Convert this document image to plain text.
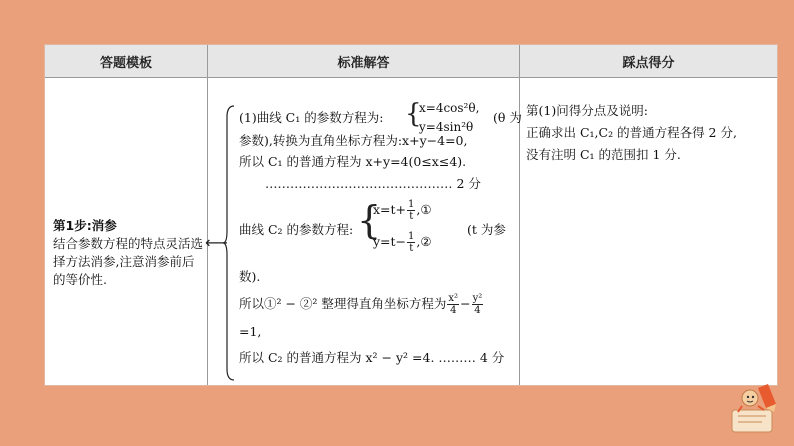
答题模板	标准解答	踩点得分
第1步:消参
结合参数方程的特点灵活选择方法消参,注意消参前后的等价性.
⟵
(1)曲线 C₁ 的参数方程为: {
x=4cos²θ,
y=4sin²θ
(θ 为
参数),转换为直角坐标方程为:x+y−4=0,
所以 C₁ 的普通方程为 x+y=4(0≤x≤4).
……………………………………… 2 分
曲线 C₂ 的参数方程: {
$x=t+ \frac{1}{t}$ ,①
$y=t- \frac{1}{t}$ ,②
(t 为参
数).
所以①² − ②² 整理得直角坐标方程为 $\frac{\text{x²}}{4} - \frac{\text{y²}}{4}$
=1,
所以 C₂ 的普通方程为 x² − y² =4. ……… 4 分
第(1)问得分点及说明:
正确求出 C₁,C₂ 的普通方程各得 2 分,
没有注明 C₁ 的范围扣 1 分.
